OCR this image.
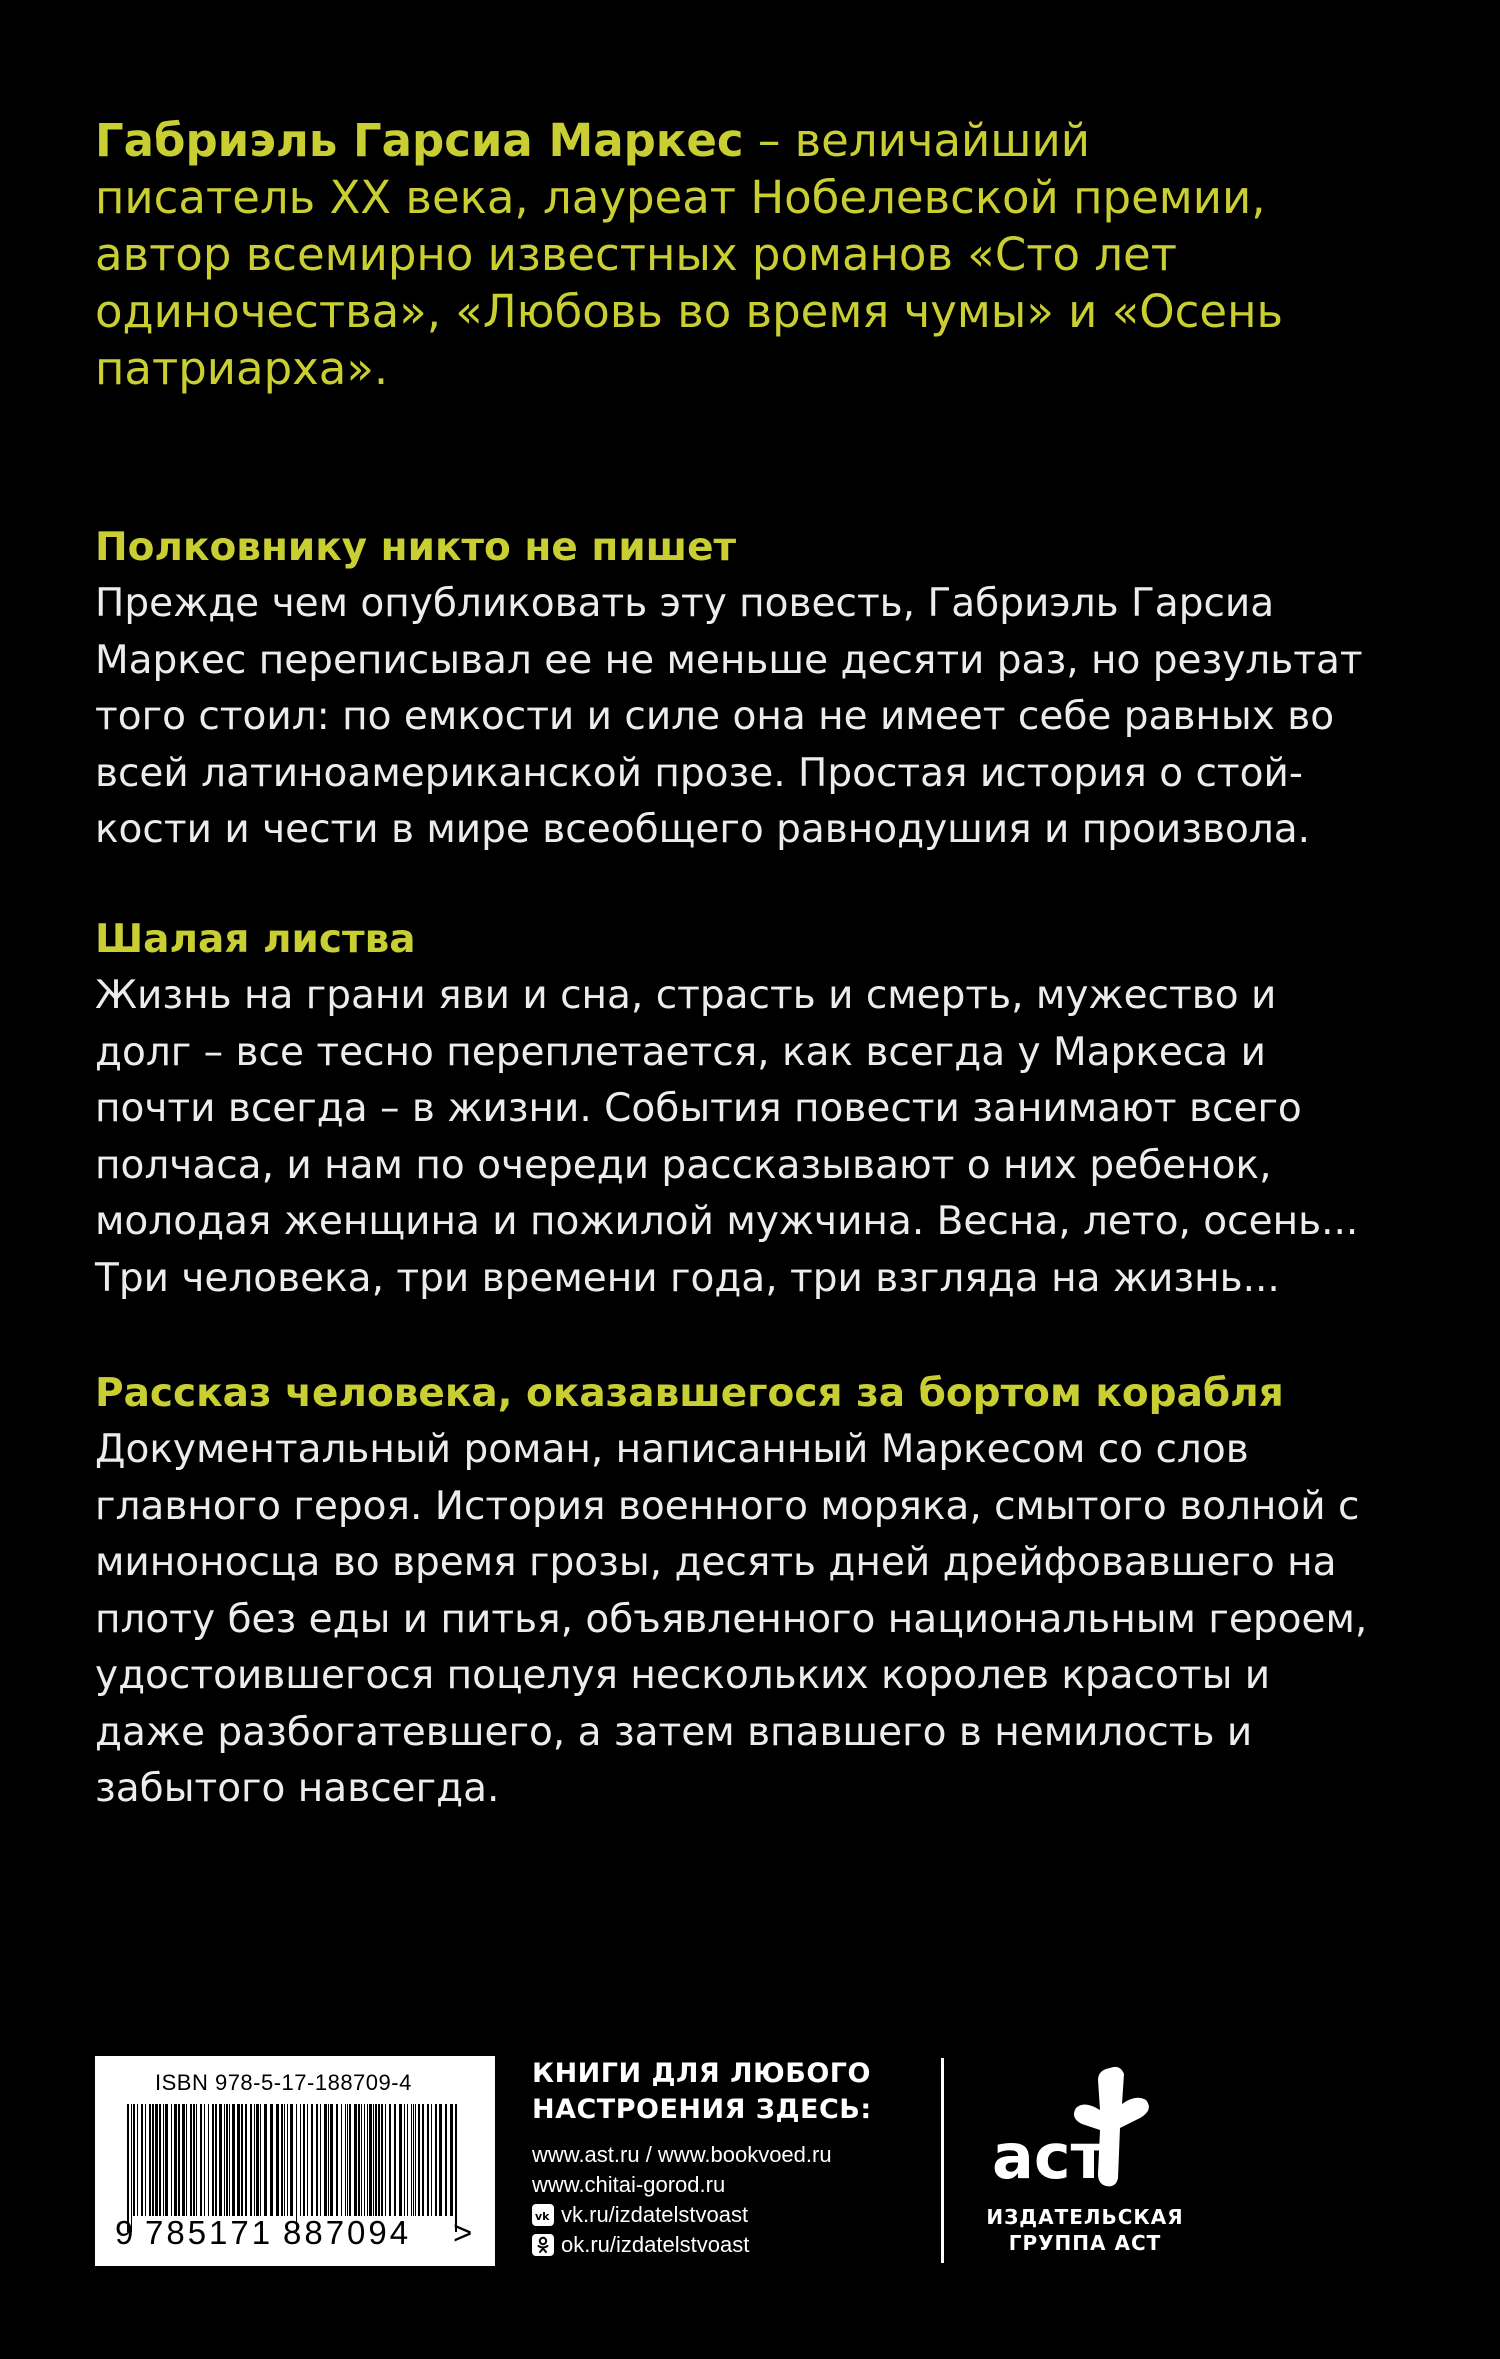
Габриэль Гарсиа Маркес – величайший
писатель XX века, лауреат Нобелевской премии,
автор всемирно известных романов «Сто лет
одиночества», «Любовь во время чумы» и «Осень
патриарха».
Полковнику никто не пишет
Прежде чем опубликовать эту повесть, Габриэль Гарсиа
Маркес переписывал ее не меньше десяти раз, но результат
того стоил: по емкости и силе она не имеет себе равных во
всей латиноамериканской прозе. Простая история о стой-
кости и чести в мире всеобщего равнодушия и произвола.
Шалая листва
Жизнь на грани яви и сна, страсть и смерть, мужество и
долг – все тесно переплетается, как всегда у Маркеса и
почти всегда – в жизни. События повести занимают всего
полчаса, и нам по очереди рассказывают о них ребенок,
молодая женщина и пожилой мужчина. Весна, лето, осень...
Три человека, три времени года, три взгляда на жизнь...
Рассказ человека, оказавшегося за бортом корабля
Документальный роман, написанный Маркесом со слов
главного героя. История военного моряка, смытого волной с
миноносца во время грозы, десять дней дрейфовавшего на
плоту без еды и питья, объявленного национальным героем,
удостоившегося поцелуя нескольких королев красоты и
даже разбогатевшего, а затем впавшего в немилость и
забытого навсегда.
ISBN 978-5-17-188709-4
9 785171 887094 >
КНИГИ ДЛЯ ЛЮБОГО
НАСТРОЕНИЯ ЗДЕСЬ:
www.ast.ru / www.bookvoed.ru
www.chitai-gorod.ru
vk vk.ru/izdatelstvoast
ok.ru/izdatelstvoast
аст
ИЗДАТЕЛЬСКАЯ
ГРУППА АСТ
